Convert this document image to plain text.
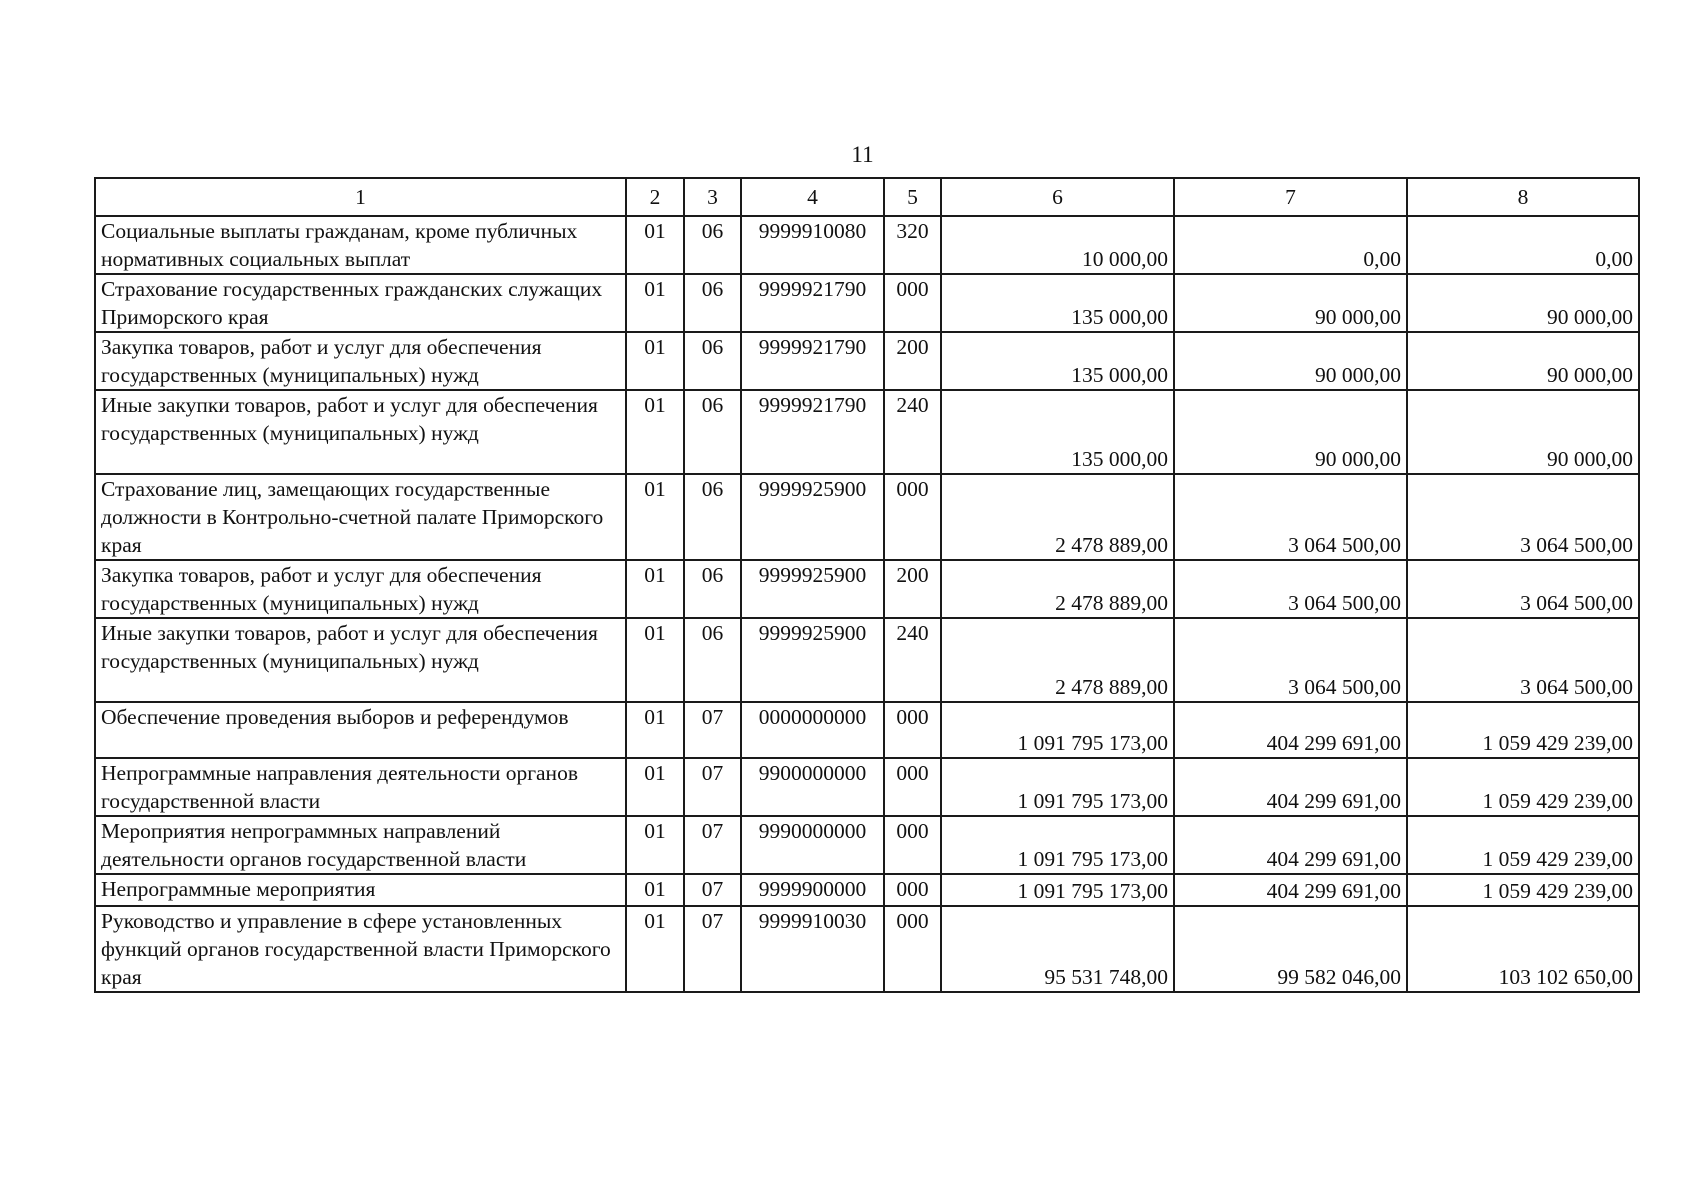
11
1	2	3	4	5	6	7	8
Социальные выплаты гражданам, кроме публичных нормативных социальных выплат	01	06	9999910080	320	10 000,00	0,00	0,00
Страхование государственных гражданских служащих Приморского края	01	06	9999921790	000	135 000,00	90 000,00	90 000,00
Закупка товаров, работ и услуг для обеспечения государственных (муниципальных) нужд	01	06	9999921790	200	135 000,00	90 000,00	90 000,00
Иные закупки товаров, работ и услуг для обеспечения государственных (муниципальных) нужд	01	06	9999921790	240	135 000,00	90 000,00	90 000,00
Страхование лиц, замещающих государственные должности в Контрольно-счетной палате Приморского края	01	06	9999925900	000	2 478 889,00	3 064 500,00	3 064 500,00
Закупка товаров, работ и услуг для обеспечения государственных (муниципальных) нужд	01	06	9999925900	200	2 478 889,00	3 064 500,00	3 064 500,00
Иные закупки товаров, работ и услуг для обеспечения государственных (муниципальных) нужд	01	06	9999925900	240	2 478 889,00	3 064 500,00	3 064 500,00
Обеспечение проведения выборов и референдумов	01	07	0000000000	000	1 091 795 173,00	404 299 691,00	1 059 429 239,00
Непрограммные направления деятельности органов государственной власти	01	07	9900000000	000	1 091 795 173,00	404 299 691,00	1 059 429 239,00
Мероприятия непрограммных направлений деятельности органов государственной власти	01	07	9990000000	000	1 091 795 173,00	404 299 691,00	1 059 429 239,00
Непрограммные мероприятия	01	07	9999900000	000	1 091 795 173,00	404 299 691,00	1 059 429 239,00
Руководство и управление в сфере установленных функций органов государственной власти Приморского края	01	07	9999910030	000	95 531 748,00	99 582 046,00	103 102 650,00
